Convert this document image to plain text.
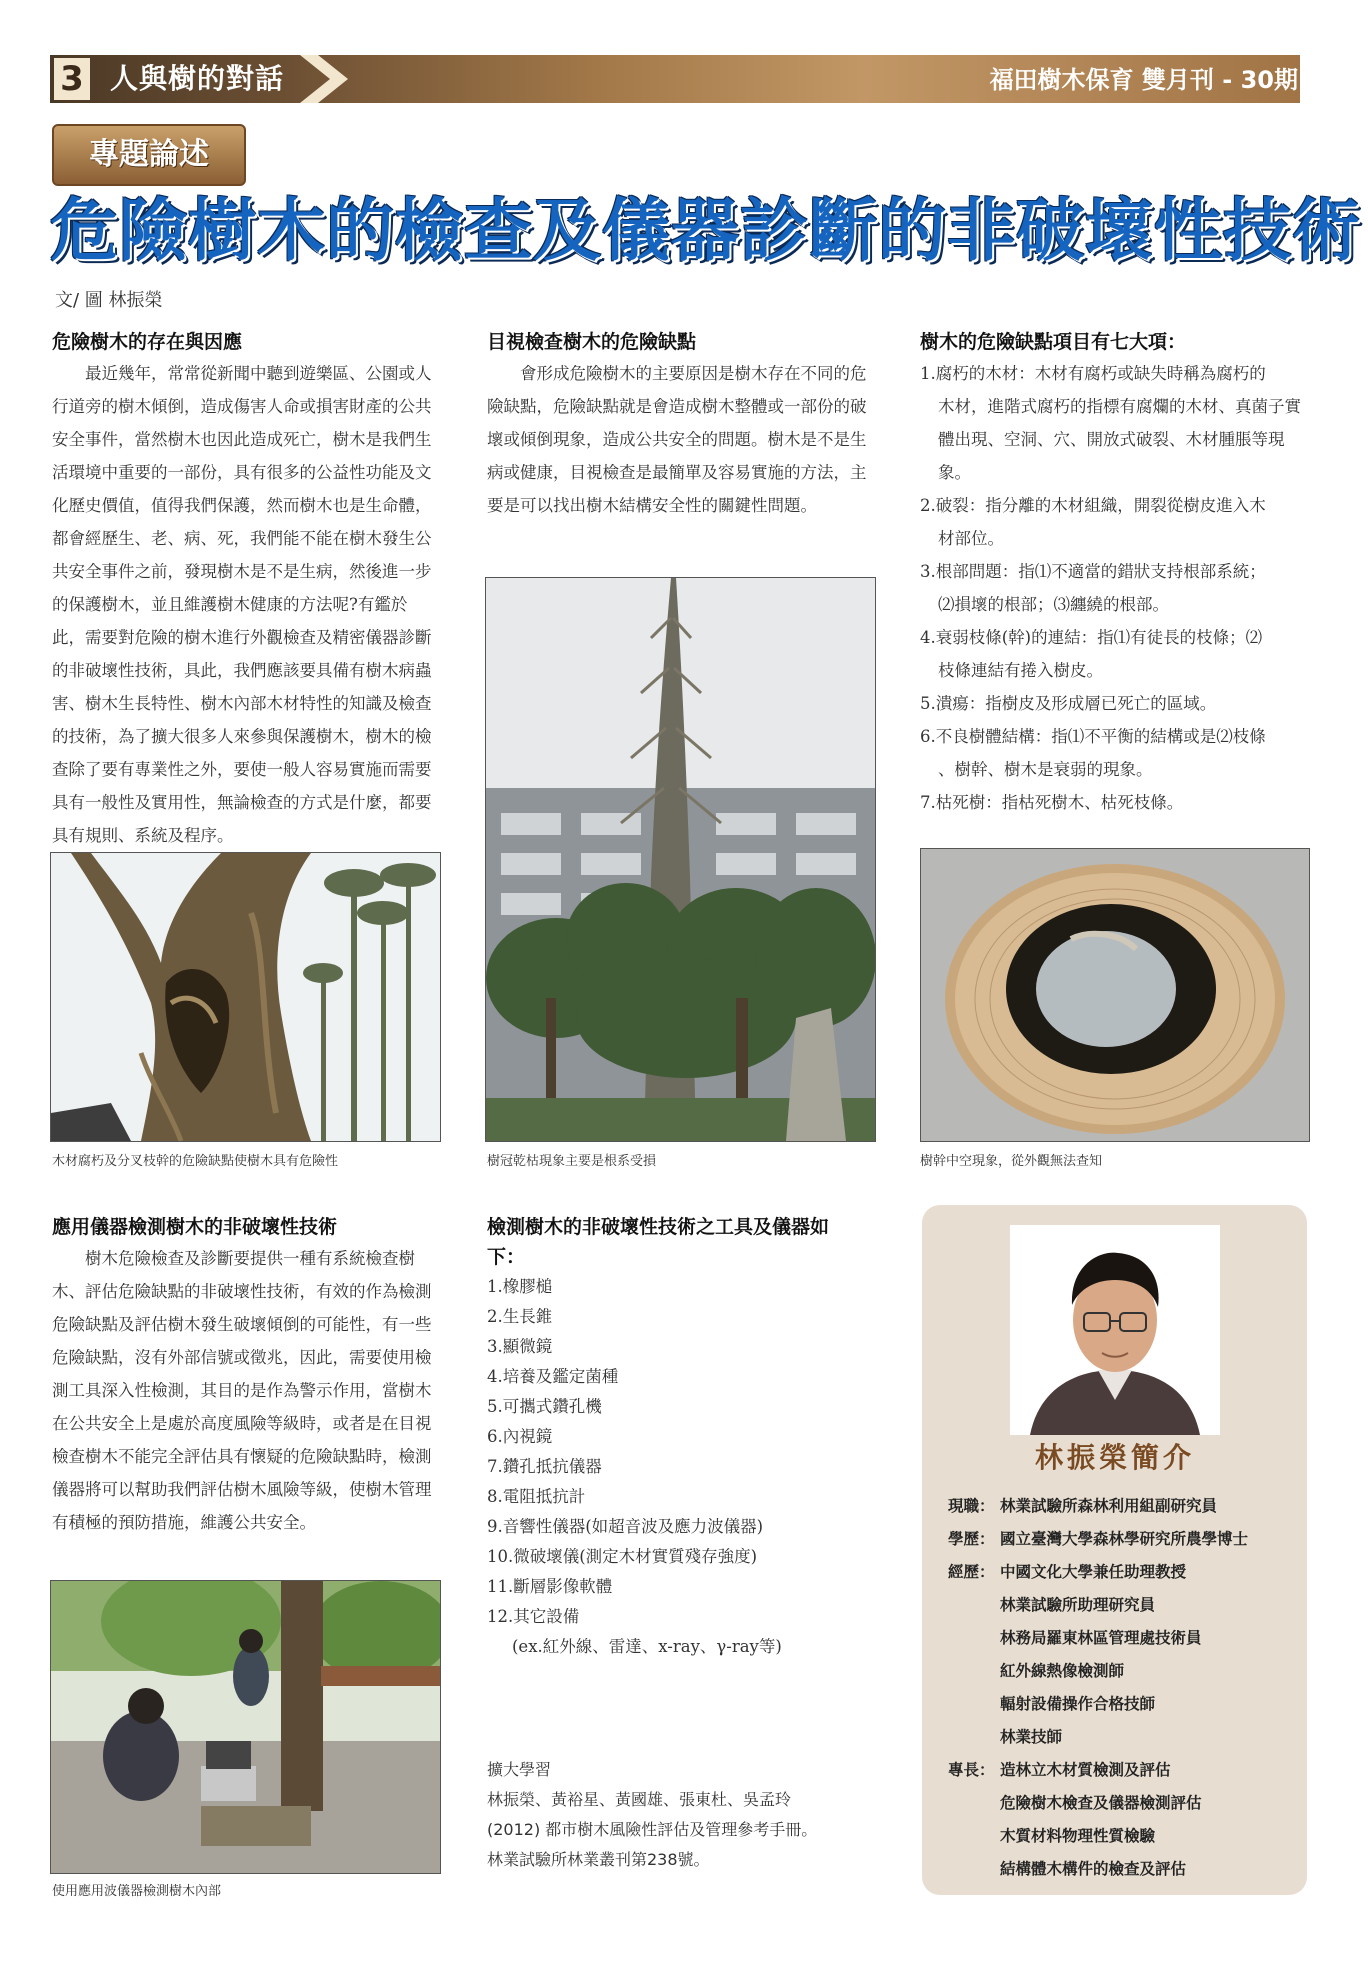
3 人與樹的對話	福田樹木保育 雙月刊 - 30期
專題論述
危險樹木的檢查及儀器診斷的非破壞性技術
文/ 圖 林振榮
危險樹木的存在與因應
最近幾年，常常從新聞中聽到遊樂區、公園或人行道旁的樹木傾倒，造成傷害人命或損害財產的公共安全事件，當然樹木也因此造成死亡，樹木是我們生活環境中重要的一部份，具有很多的公益性功能及文化歷史價值，值得我們保護，然而樹木也是生命體，都會經歷生、老、病、死，我們能不能在樹木發生公共安全事件之前，發現樹木是不是生病，然後進一步的保護樹木，並且維護樹木健康的方法呢?有鑑於此，需要對危險的樹木進行外觀檢查及精密儀器診斷的非破壞性技術，具此，我們應該要具備有樹木病蟲害、樹木生長特性、樹木內部木材特性的知識及檢查的技術，為了擴大很多人來參與保護樹木，樹木的檢查除了要有專業性之外，要使一般人容易實施而需要具有一般性及實用性，無論檢查的方式是什麼，都要具有規則、系統及程序。
木材腐朽及分叉枝幹的危險缺點使樹木具有危險性
目視檢查樹木的危險缺點
會形成危險樹木的主要原因是樹木存在不同的危險缺點，危險缺點就是會造成樹木整體或一部份的破壞或傾倒現象，造成公共安全的問題。樹木是不是生病或健康，目視檢查是最簡單及容易實施的方法，主要是可以找出樹木結構安全性的關鍵性問題。
樹冠乾枯現象主要是根系受損
樹木的危險缺點項目有七大項：
1.腐朽的木材：木材有腐朽或缺失時稱為腐朽的
木材，進階式腐朽的指標有腐爛的木材、真菌子實體出現、空洞、穴、開放式破裂、木材腫脹等現象。
2.破裂：指分離的木材組織，開裂從樹皮進入木
材部位。
3.根部問題：指⑴不適當的錯狀支持根部系統；
⑵損壞的根部；⑶纏繞的根部。
4.衰弱枝條(幹)的連結：指⑴有徒長的枝條；⑵
枝條連結有捲入樹皮。
5.潰瘍：指樹皮及形成層已死亡的區域。
6.不良樹體結構：指⑴不平衡的結構或是⑵枝條
、樹幹、樹木是衰弱的現象。
7.枯死樹：指枯死樹木、枯死枝條。
樹幹中空現象，從外觀無法查知
應用儀器檢測樹木的非破壞性技術
樹木危險檢查及診斷要提供一種有系統檢查樹木、評估危險缺點的非破壞性技術，有效的作為檢測危險缺點及評估樹木發生破壞傾倒的可能性，有一些危險缺點，沒有外部信號或徵兆，因此，需要使用檢測工具深入性檢測，其目的是作為警示作用，當樹木在公共安全上是處於高度風險等級時，或者是在目視檢查樹木不能完全評估具有懷疑的危險缺點時，檢測儀器將可以幫助我們評估樹木風險等級，使樹木管理有積極的預防措施，維護公共安全。
使用應用波儀器檢測樹木內部
檢測樹木的非破壞性技術之工具及儀器如
下：
1.橡膠槌
2.生長錐
3.顯微鏡
4.培養及鑑定菌種
5.可攜式鑽孔機
6.內視鏡
7.鑽孔抵抗儀器
8.電阻抵抗計
9.音響性儀器(如超音波及應力波儀器)
10.微破壞儀(測定木材實質殘存強度)
11.斷層影像軟體
12.其它設備
(ex.紅外線、雷達、x-ray、γ-ray等)
擴大學習
林振榮、黃裕星、黃國雄、張東杜、吳孟玲
(2012) 都市樹木風險性評估及管理參考手冊。
林業試驗所林業叢刊第238號。
林振榮簡介
現職： 林業試驗所森林利用組副研究員
學歷： 國立臺灣大學森林學研究所農學博士
經歷： 中國文化大學兼任助理教授
林業試驗所助理研究員
林務局羅東林區管理處技術員
紅外線熱像檢測師
輻射設備操作合格技師
林業技師
專長： 造林立木材質檢測及評估
危險樹木檢查及儀器檢測評估
木質材料物理性質檢驗
結構體木構件的檢查及評估
